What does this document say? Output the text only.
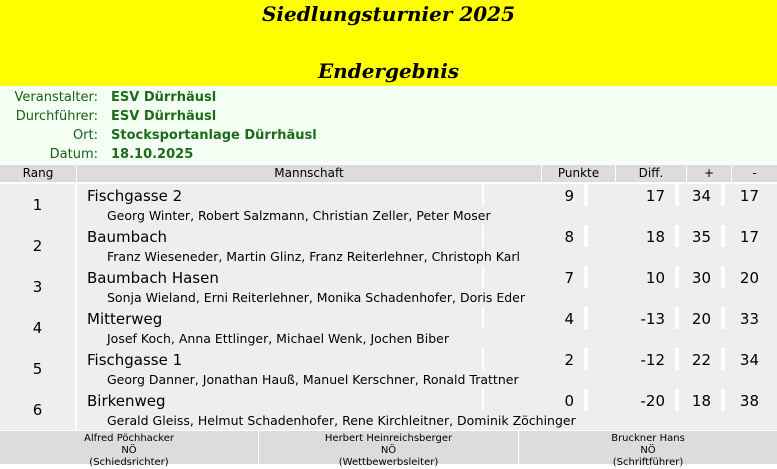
Siedlungsturnier 2025
Endergebnis
Veranstalter: ESV Dürrhäusl
Durchführer: ESV Dürrhäusl
Ort: Stocksportanlage Dürrhäusl
Datum: 18.10.2025
Rang	Mannschaft	Punkte	Diff.	+	-
1	Fischgasse 2	9	17 34 17
Georg Winter, Robert Salzmann, Christian Zeller, Peter Moser
2	Baumbach	8	18 35 17
Franz Wieseneder, Martin Glinz, Franz Reiterlehner, Christoph Karl
3	Baumbach Hasen	7	10 30 20
Sonja Wieland, Erni Reiterlehner, Monika Schadenhofer, Doris Eder
4	Mitterweg	4	-13 20 33
Josef Koch, Anna Ettlinger, Michael Wenk, Jochen Biber
5	Fischgasse 1	2	-12 22 34
Georg Danner, Jonathan Hauß, Manuel Kerschner, Ronald Trattner
6	Birkenweg	0	-20 18 38
Gerald Gleiss, Helmut Schadenhofer, Rene Kirchleitner, Dominik Zöchinger
Alfred Pöchhacker
NÖ
(Schiedsrichter)
Herbert Heinreichsberger
NÖ
(Wettbewerbsleiter)
Bruckner Hans
NÖ
(Schriftführer)
